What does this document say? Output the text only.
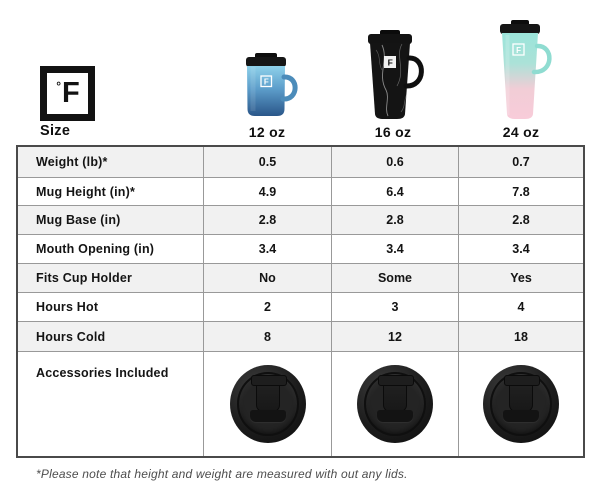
° F
Size
F
F
F
12 oz	16 oz	24 oz
Weight (lb)*	0.5	0.6	0.7
Mug Height (in)*	4.9	6.4	7.8
Mug Base (in)	2.8	2.8	2.8
Mouth Opening (in)	3.4	3.4	3.4
Fits Cup Holder	No	Some	Yes
Hours Hot	2	3	4
Hours Cold	8	12	18
Accessories Included
*Please note that height and weight are measured with out any lids.
